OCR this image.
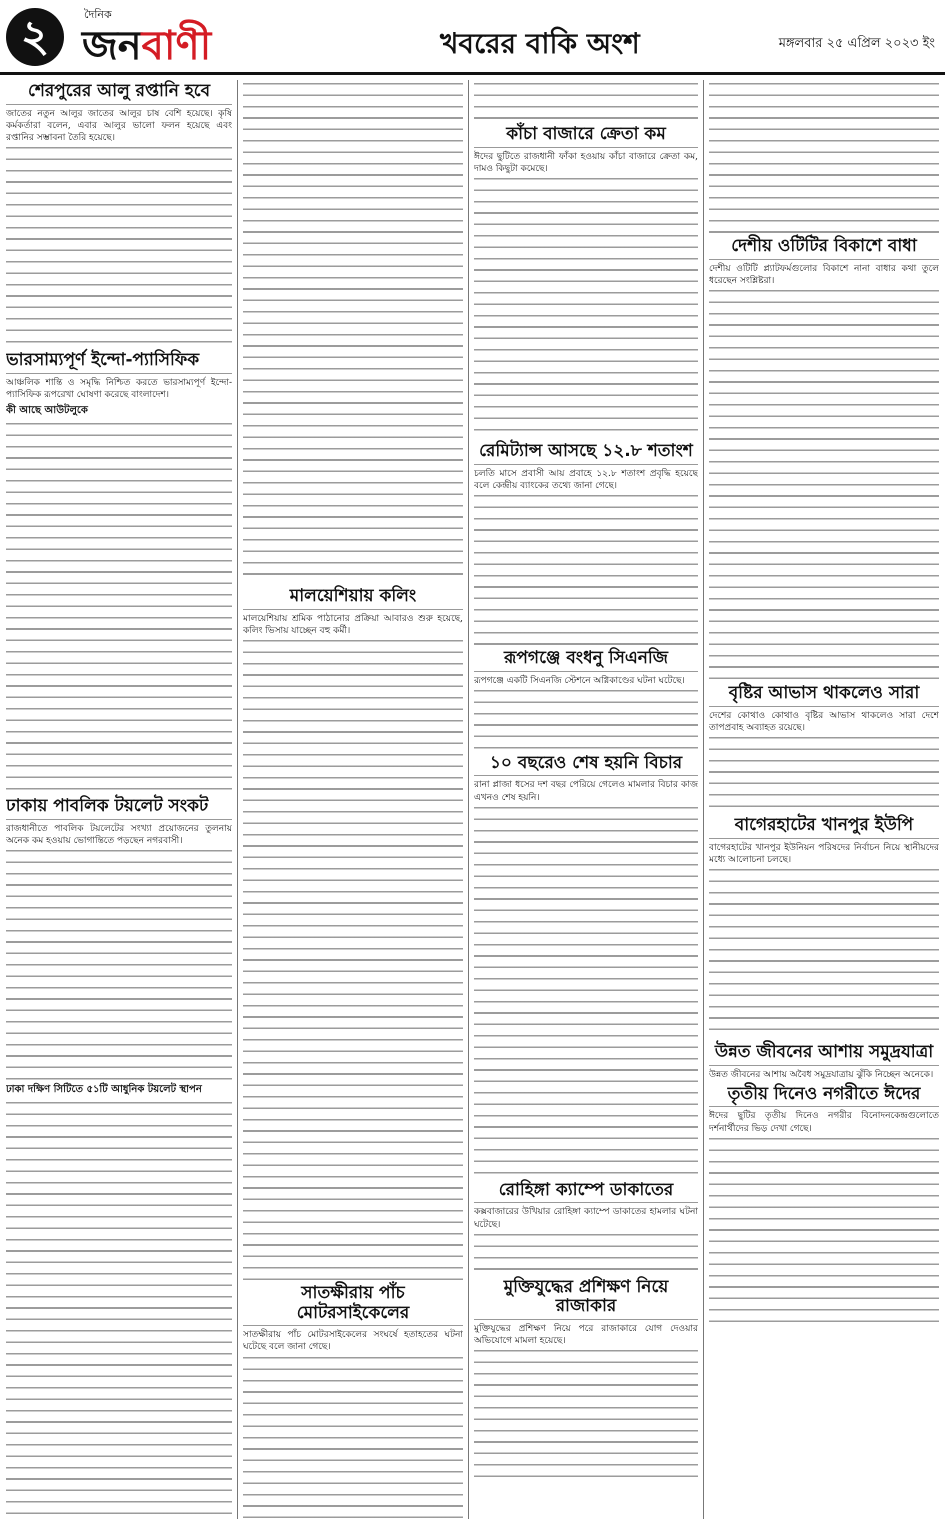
২	দৈনিক
জনবাণী	খবরের বাকি অংশ	মঙ্গলবার ২৫ এপ্রিল ২০২৩ ইং
শেরপুরের আলু রপ্তানি হবে
জাতের নতুন আলুর জাতের আলুর চাষ বেশি হয়েছে। কৃষি কর্মকর্তারা বলেন, এবার আলুর ভালো ফলন হয়েছে এবং রপ্তানির সম্ভাবনা তৈরি হয়েছে।
ভারসাম্যপূর্ণ ইন্দো-প্যাসিফিক
আঞ্চলিক শান্তি ও সমৃদ্ধি নিশ্চিত করতে ভারসাম্যপূর্ণ ইন্দো-প্যাসিফিক রূপরেখা ঘোষণা করেছে বাংলাদেশ।
কী আছে আউটলুকে
ঢাকায় পাবলিক টয়লেট সংকট
রাজধানীতে পাবলিক টয়লেটের সংখ্যা প্রয়োজনের তুলনায় অনেক কম হওয়ায় ভোগান্তিতে পড়ছেন নগরবাসী।
ঢাকা দক্ষিণ সিটিতে ৫১টি আধুনিক টয়লেট স্থাপন
মালয়েশিয়ায় কলিং
মালয়েশিয়ায় শ্রমিক পাঠানোর প্রক্রিয়া আবারও শুরু হয়েছে, কলিং ভিসায় যাচ্ছেন বহু কর্মী।
সাতক্ষীরায় পাঁচ মোটরসাইকেলের
সাতক্ষীরায় পাঁচ মোটরসাইকেলের সংঘর্ষে হতাহতের ঘটনা ঘটেছে বলে জানা গেছে।
কাঁচা বাজারে ক্রেতা কম
ঈদের ছুটিতে রাজধানী ফাঁকা হওয়ায় কাঁচা বাজারে ক্রেতা কম, দামও কিছুটা কমেছে।
রেমিট্যান্স আসছে ১২.৮ শতাংশ
চলতি মাসে প্রবাসী আয় প্রবাহে ১২.৮ শতাংশ প্রবৃদ্ধি হয়েছে বলে কেন্দ্রীয় ব্যাংকের তথ্যে জানা গেছে।
রূপগঞ্জে বংধনু সিএনজি
রূপগঞ্জে একটি সিএনজি স্টেশনে অগ্নিকাণ্ডের ঘটনা ঘটেছে।
১০ বছরেও শেষ হয়নি বিচার
রানা প্লাজা ধসের দশ বছর পেরিয়ে গেলেও মামলার বিচার কাজ এখনও শেষ হয়নি।
রোহিঙ্গা ক্যাম্পে ডাকাতের
কক্সবাজারের উখিয়ার রোহিঙ্গা ক্যাম্পে ডাকাতের হামলার ঘটনা ঘটেছে।
মুক্তিযুদ্ধের প্রশিক্ষণ নিয়ে রাজাকার
মুক্তিযুদ্ধের প্রশিক্ষণ নিয়ে পরে রাজাকারে যোগ দেওয়ার অভিযোগে মামলা হয়েছে।
দেশীয় ওটিটির বিকাশে বাধা
দেশীয় ওটিটি প্ল্যাটফর্মগুলোর বিকাশে নানা বাধার কথা তুলে ধরেছেন সংশ্লিষ্টরা।
বৃষ্টির আভাস থাকলেও সারা
দেশের কোথাও কোথাও বৃষ্টির আভাস থাকলেও সারা দেশে তাপপ্রবাহ অব্যাহত রয়েছে।
বাগেরহাটের খানপুর ইউপি
বাগেরহাটের খানপুর ইউনিয়ন পরিষদের নির্বাচন নিয়ে স্থানীয়দের মধ্যে আলোচনা চলছে।
উন্নত জীবনের আশায় সমুদ্রযাত্রা
উন্নত জীবনের আশায় অবৈধ সমুদ্রযাত্রায় ঝুঁকি নিচ্ছেন অনেকে।
তৃতীয় দিনেও নগরীতে ঈদের
ঈদের ছুটির তৃতীয় দিনেও নগরীর বিনোদনকেন্দ্রগুলোতে দর্শনার্থীদের ভিড় দেখা গেছে।
